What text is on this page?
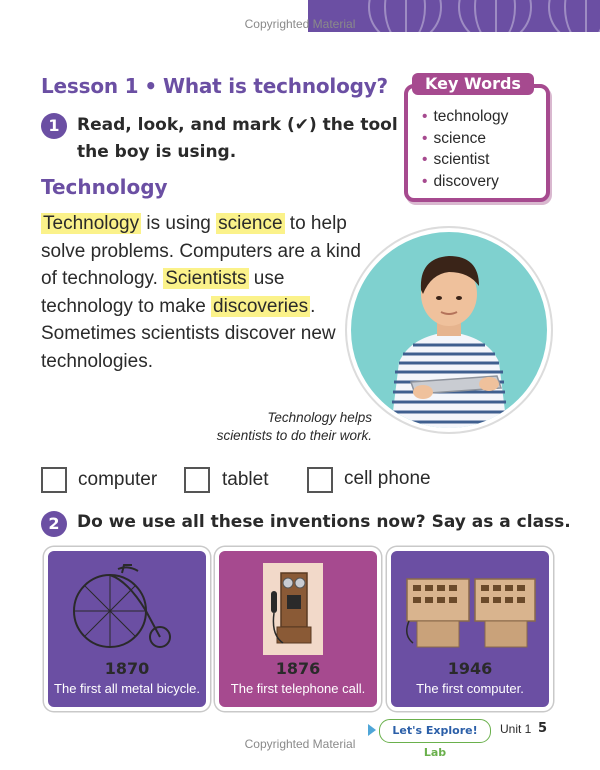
Copyrighted Material
Lesson 1 • What is technology?
1	Read, look, and mark (✔) the tool
the boy is using.
• technology
• science
• scientist
• discovery
Key Words
Technology
Technology is using science to help solve problems. Computers are a kind of technology. Scientists use technology to make discoveries . Sometimes scientists discover new technologies.
Technology helps
scientists to do their work.
computer	tablet	cell phone
2	Do we use all these inventions now? Say as a class.
1870
The first all metal bicycle.
1876
The first telephone call.
1946
The first computer.
Let's Explore! Lab
Unit 1 5
Copyrighted Material
